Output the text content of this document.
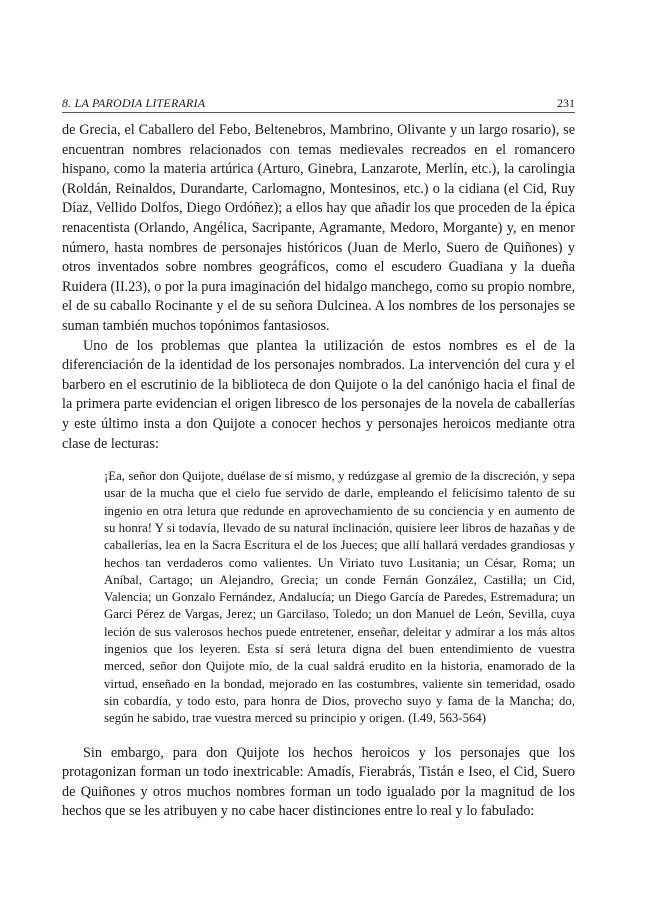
8. LA PARODIA LITERARIA	231

de Grecia, el Caballero del Febo, Beltenebros, Mambrino, Olivante y un largo rosario), se encuentran nombres relacionados con temas medievales recreados en el romancero hispano, como la materia artúrica (Arturo, Ginebra, Lanzarote, Merlín, etc.), la carolingia (Roldán, Reinaldos, Durandarte, Carlomagno, Montesinos, etc.) o la cidiana (el Cid, Ruy Díaz, Vellido Dolfos, Diego Ordóñez); a ellos hay que añadir los que proceden de la épica renacentista (Orlando, Angélica, Sacripante, Agramante, Medoro, Morgante) y, en menor número, hasta nombres de personajes históricos (Juan de Merlo, Suero de Quiñones) y otros inventados sobre nombres geográficos, como el escudero Guadiana y la dueña Ruidera (II.23), o por la pura imaginación del hidalgo manchego, como su propio nombre, el de su caballo Rocinante y el de su señora Dulcinea. A los nombres de los personajes se suman también muchos topónimos fantasiosos.

Uno de los problemas que plantea la utilización de estos nombres es el de la diferenciación de la identidad de los personajes nombrados. La intervención del cura y el barbero en el escrutinio de la biblioteca de don Quijote o la del canónigo hacia el final de la primera parte evidencian el origen libresco de los personajes de la novela de caballerías y este último insta a don Quijote a conocer hechos y personajes heroicos mediante otra clase de lecturas:

¡Ea, señor don Quijote, duélase de sí mismo, y redúzgase al gremio de la discreción, y sepa usar de la mucha que el cielo fue servido de darle, empleando el felicísimo talento de su ingenio en otra letura que redunde en aprovechamiento de su conciencia y en aumento de su honra! Y si todavía, llevado de su natural inclinación, quisiere leer libros de hazañas y de caballerías, lea en la Sacra Escritura el de los Jueces; que allí hallará verdades grandiosas y hechos tan verdaderos como valientes. Un Viriato tuvo Lusitania; un César, Roma; un Aníbal, Cartago; un Alejandro, Grecia; un conde Fernán González, Castilla; un Cid, Valencia; un Gonzalo Fernández, Andalucía; un Diego García de Paredes, Estremadura; un Garci Pérez de Vargas, Jerez; un Garcilaso, Toledo; un don Manuel de León, Sevilla, cuya leción de sus valerosos hechos puede entretener, enseñar, deleitar y admirar a los más altos ingenios que los leyeren. Esta sí será letura digna del buen entendimiento de vuestra merced, señor don Quijote mío, de la cual saldrá erudito en la historia, enamorado de la virtud, enseñado en la bondad, mejorado en las costumbres, valiente sin temeridad, osado sin cobardía, y todo esto, para honra de Dios, provecho suyo y fama de la Mancha; do, según he sabido, trae vuestra merced su principio y origen. (I.49, 563-564)

Sin embargo, para don Quijote los hechos heroicos y los personajes que los protagonizan forman un todo inextricable: Amadís, Fierabrás, Tistán e Iseo, el Cid, Suero de Quiñones y otros muchos nombres forman un todo igualado por la magnitud de los hechos que se les atribuyen y no cabe hacer distinciones entre lo real y lo fabulado:
